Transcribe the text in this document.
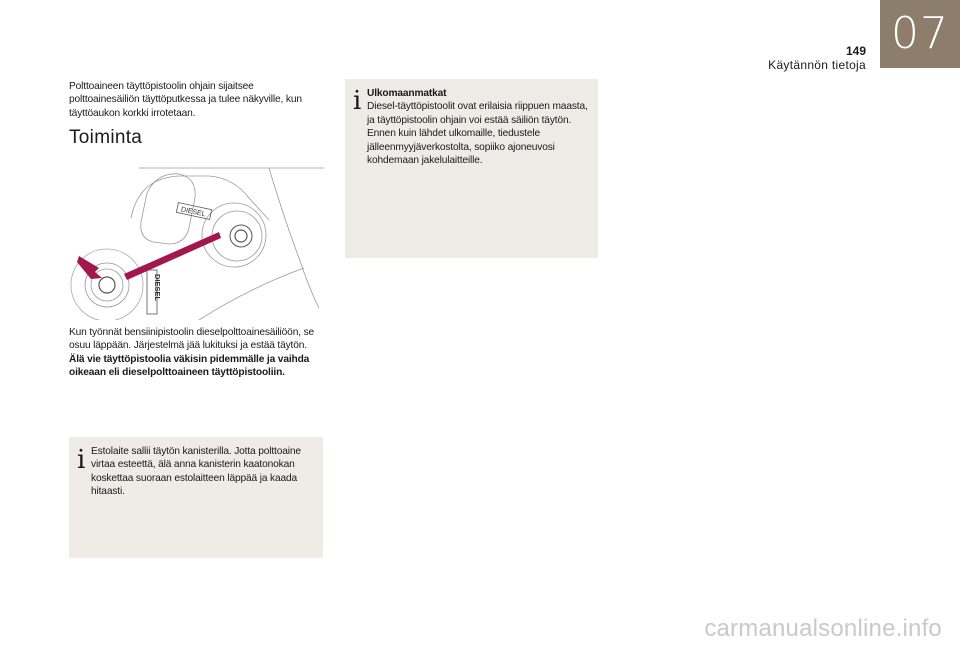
07
149
Käytännön tietoja

Polttoaineen täyttöpistoolin ohjain sijaitsee polttoainesäiliön täyttöputkessa ja tulee näkyville, kun täyttöaukon korkki irrotetaan.

Toiminta
DIESEL
DIESEL

Kun työnnät bensiinipistoolin dieselpolttoainesäiliöön, se osuu läppään. Järjestelmä jää lukituksi ja estää täytön.
Älä vie täyttöpistoolia väkisin pidemmälle ja vaihda oikeaan eli dieselpolttoaineen täyttöpistooliin.

i Estolaite sallii täytön kanisterilla. Jotta polttoaine virtaa esteettä, älä anna kanisterin kaatonokan koskettaa suoraan estolaitteen läppää ja kaada hitaasti.

i Ulkomaanmatkat
Diesel-täyttöpistoolit ovat erilaisia riippuen maasta, ja täyttöpistoolin ohjain voi estää säiliön täytön. Ennen kuin lähdet ulkomaille, tiedustele jälleenmyyjäverkostolta, sopiiko ajoneuvosi kohdemaan jakelulaitteille.

carmanualsonline.info
